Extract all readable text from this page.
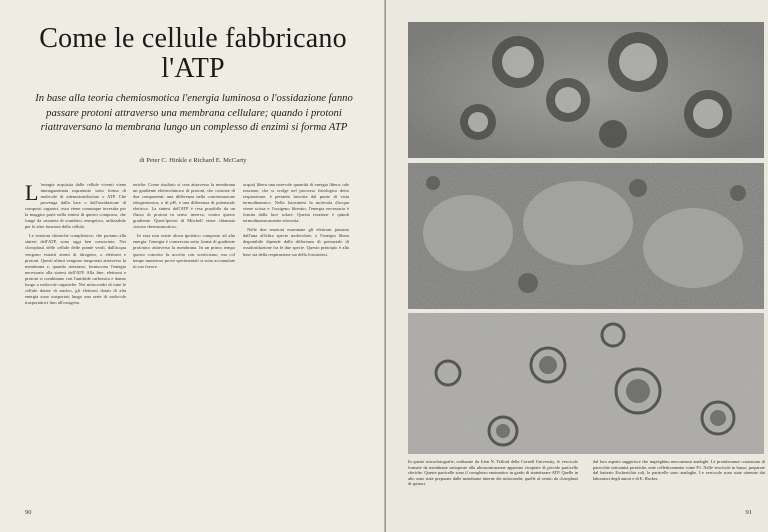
Come le cellule fabbricano
l'ATP
In base alla teoria chemiosmotica l'energia luminosa o l'ossidazione fanno passare protoni attraverso una membrana cellulare; quando i protoni riattraversano la membrana lungo un complesso di enzimi si forma ATP
di Peter C. Hinkle e Richard E. McCarty

L 'energia acquisita dalle cellule viventi viene immagazzinata soprattutto sotto forma di molecole di adenosintrifosfato o ATP. Che provenga dalla luce o dall'ossidazione di composti organici, essa viene comunque investita per la maggior parte nella sintesi di questo composto, che funge da «moneta di scambio» energetico, utilizzabile per le altre funzioni della cellula.

Le reazioni chimiche complessive, che portano alla sintesi dell'ATP, sono oggi ben conosciute. Nei cloroplasti delle cellule delle piante verdi, dall'acqua vengono estratti atomi di idrogeno, o elettroni e protoni. Questi ultimi vengono trasportati attraverso la membrana e, quando rientrano, forniscono l'energia necessaria alla sintesi dell'ATP. Alla fine, elettroni e protoni si combinano con l'anidride carbonica e danno luogo a molecole organiche. Nei mitocondri di tutte le cellule dotate di nucleo, gli elettroni dotati di alta energia sono trasportati lungo una serie di molecole trasportatrici fino all'ossigeno.

teriche. Come risultato si crea attraverso la membrana un gradiente elettrochimico di protoni, che consiste di due componenti: una differenza nella concentrazione idrogenionica, o di pH, e una differenza di potenziale elettrico. La sintesi dell'ATP è resa possibile da un flusso di protoni in senso inverso, contro questo gradiente. Quest'ipotesi di Mitchell viene chiamata «teoria chemiosmotica».

In essa non esiste alcun ipotetico composto ad alta energia: l'energia è conservata sotto forma di gradiente protonico attraverso la membrana. In un primo tempo questo concetto fu accolto con scetticismo, ma col tempo numerose prove sperimentali si sono accumulate in suo favore.

acqua) libera una notevole quantità di energia libera: tale reazione, che si svolge nel processo fisiologico detto respirazione, è pertanto favorita dal punto di vista termodinamico. Nella fotosintesi la molecola d'acqua viene scissa e l'ossigeno liberato; l'energia necessaria è fornita dalla luce solare. Questa reazione è quindi termodinamicamente sfavorita.

Nelle due reazioni esaminate gli elettroni passano dall'una all'altra specie molecolare, e l'energia libera disponibile dipende dalla differenza di potenziale di ossidoriduzione fra le due specie. Questo principio è alla base sia della respirazione sia della fotosintesi.

90
In queste microfotografie, realizzate da John N. Telford della Cornell University, le vescicole formate da membrane sottoposte alla ultrasonicazione appaiono ricoperte di piccole particelle sferiche. Queste particelle sono il complesso enzimatico in grado di sintetizzare ATP. Quelle in alto sono state preparate dalle membrane interne dei mitocondri; quelle al centro da cloroplasti di spinaci.
dal loro aspetto suggerisce che impieghino meccanismi analoghi. Le protuberanze consistono di parecchie sottounità proteiche, note collettivamente come F1. Nelle vescicole in basso, preparate dal batterio Escherichia coli, le particelle sono analoghe. Le vescicole sono state ottenute dai laboratori degli autori e di E. Racker.
91
